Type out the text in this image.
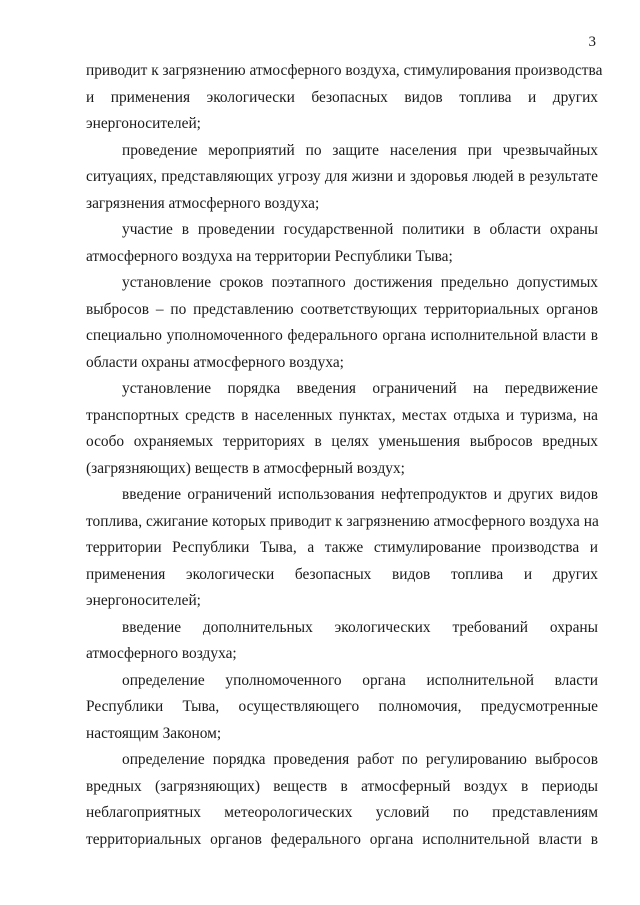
3

приводит к загрязнению атмосферного воздуха, стимулирования производства
и применения экологически безопасных видов топлива и других
энергоносителей;

проведение мероприятий по защите населения при чрезвычайных
ситуациях, представляющих угрозу для жизни и здоровья людей в результате
загрязнения атмосферного воздуха;

участие в проведении государственной политики в области охраны
атмосферного воздуха на территории Республики Тыва;

установление сроков поэтапного достижения предельно допустимых
выбросов – по представлению соответствующих территориальных органов
специально уполномоченного федерального органа исполнительной власти в
области охраны атмосферного воздуха;

установление порядка введения ограничений на передвижение
транспортных средств в населенных пунктах, местах отдыха и туризма, на
особо охраняемых территориях в целях уменьшения выбросов вредных
(загрязняющих) веществ в атмосферный воздух;

введение ограничений использования нефтепродуктов и других видов
топлива, сжигание которых приводит к загрязнению атмосферного воздуха на
территории Республики Тыва, а также стимулирование производства и
применения экологически безопасных видов топлива и других
энергоносителей;

введение дополнительных экологических требований охраны
атмосферного воздуха;

определение уполномоченного органа исполнительной власти
Республики Тыва, осуществляющего полномочия, предусмотренные
настоящим Законом;

определение порядка проведения работ по регулированию выбросов
вредных (загрязняющих) веществ в атмосферный воздух в периоды
неблагоприятных метеорологических условий по представлениям
территориальных органов федерального органа исполнительной власти в
